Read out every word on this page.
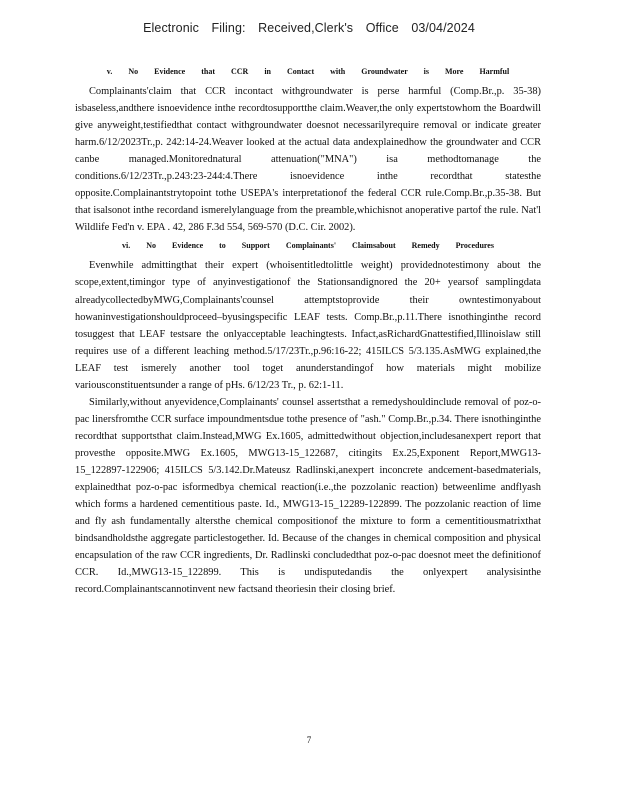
Electronic Filing: Received,Clerk's Office 03/04/2024

v. No Evidence that CCR in Contact with Groundwater is More Harmful

Complainants'claim that CCR incontact withgroundwater is perse harmful (Comp.Br.,p. 35-38) isbaseless,andthere isnoevidence inthe recordtosupportthe claim.Weaver,the only expertstowhom the Boardwill give anyweight,testifiedthat contact withgroundwater doesnot necessarilyrequire removal or indicate greater harm.6/12/2023Tr.,p. 242:14-24.Weaver looked at the actual data andexplainedhow the groundwater and CCR canbe managed.Monitorednatural attenuation("MNA") isa methodtomanage the conditions.6/12/23Tr.,p.243:23-244:4.There isnoevidence inthe recordthat statesthe opposite.Complainantstrytopoint tothe USEPA's interpretationof the federal CCR rule.Comp.Br.,p.35-38. But that isalsonot inthe recordand ismerelylanguage from the preamble,whichisnot anoperative partof the rule. Nat'l Wildlife Fed'n v. EPA . 42, 286 F.3d 554, 569-570 (D.C. Cir. 2002).

vi. No Evidence to Support Complainants' Claimsabout Remedy Procedures

Evenwhile admittingthat their expert (whoisentitledtolittle weight) providednotestimony about the scope,extent,timingor type of anyinvestigationof the Stationsandignored the 20+ yearsof samplingdata alreadycollectedbyMWG,Complainants'counsel attemptstoprovide their owntestimonyabout howaninvestigationshouldproceed–byusingspecific LEAF tests. Comp.Br.,p.11.There isnothinginthe record tosuggest that LEAF testsare the onlyacceptable leachingtests. Infact,asRichardGnattestified,Illinoislaw still requires use of a different leaching method.5/17/23Tr.,p.96:16-22; 415ILCS 5/3.135.AsMWG explained,the LEAF test ismerely another tool toget anunderstandingof how materials might mobilize variousconstituentsunder a range of pHs. 6/12/23 Tr., p. 62:1-11.

Similarly,without anyevidence,Complainants' counsel assertsthat a remedyshouldinclude removal of poz-o-pac linersfromthe CCR surface impoundmentsdue tothe presence of "ash." Comp.Br.,p.34. There isnothinginthe recordthat supportsthat claim.Instead,MWG Ex.1605, admittedwithout objection,includesanexpert report that provesthe opposite.MWG Ex.1605, MWG13-15_122687, citingits Ex.25,Exponent Report,MWG13-15_122897-122906; 415ILCS 5/3.142.Dr.Mateusz Radlinski,anexpert inconcrete andcement-basedmaterials, explainedthat poz-o-pac isformedbya chemical reaction(i.e.,the pozzolanic reaction) betweenlime andflyash which forms a hardened cementitious paste. Id., MWG13-15_12289-122899. The pozzolanic reaction of lime and fly ash fundamentally altersthe chemical compositionof the mixture to form a cementitiousmatrixthat bindsandholdsthe aggregate particlestogether. Id. Because of the changes in chemical composition and physical encapsulation of the raw CCR ingredients, Dr. Radlinski concludedthat poz-o-pac doesnot meet the definitionof CCR. Id.,MWG13-15_122899. This is undisputedandis the onlyexpert analysisinthe record.Complainantscannotinvent new factsand theoriesin their closing brief.

7
